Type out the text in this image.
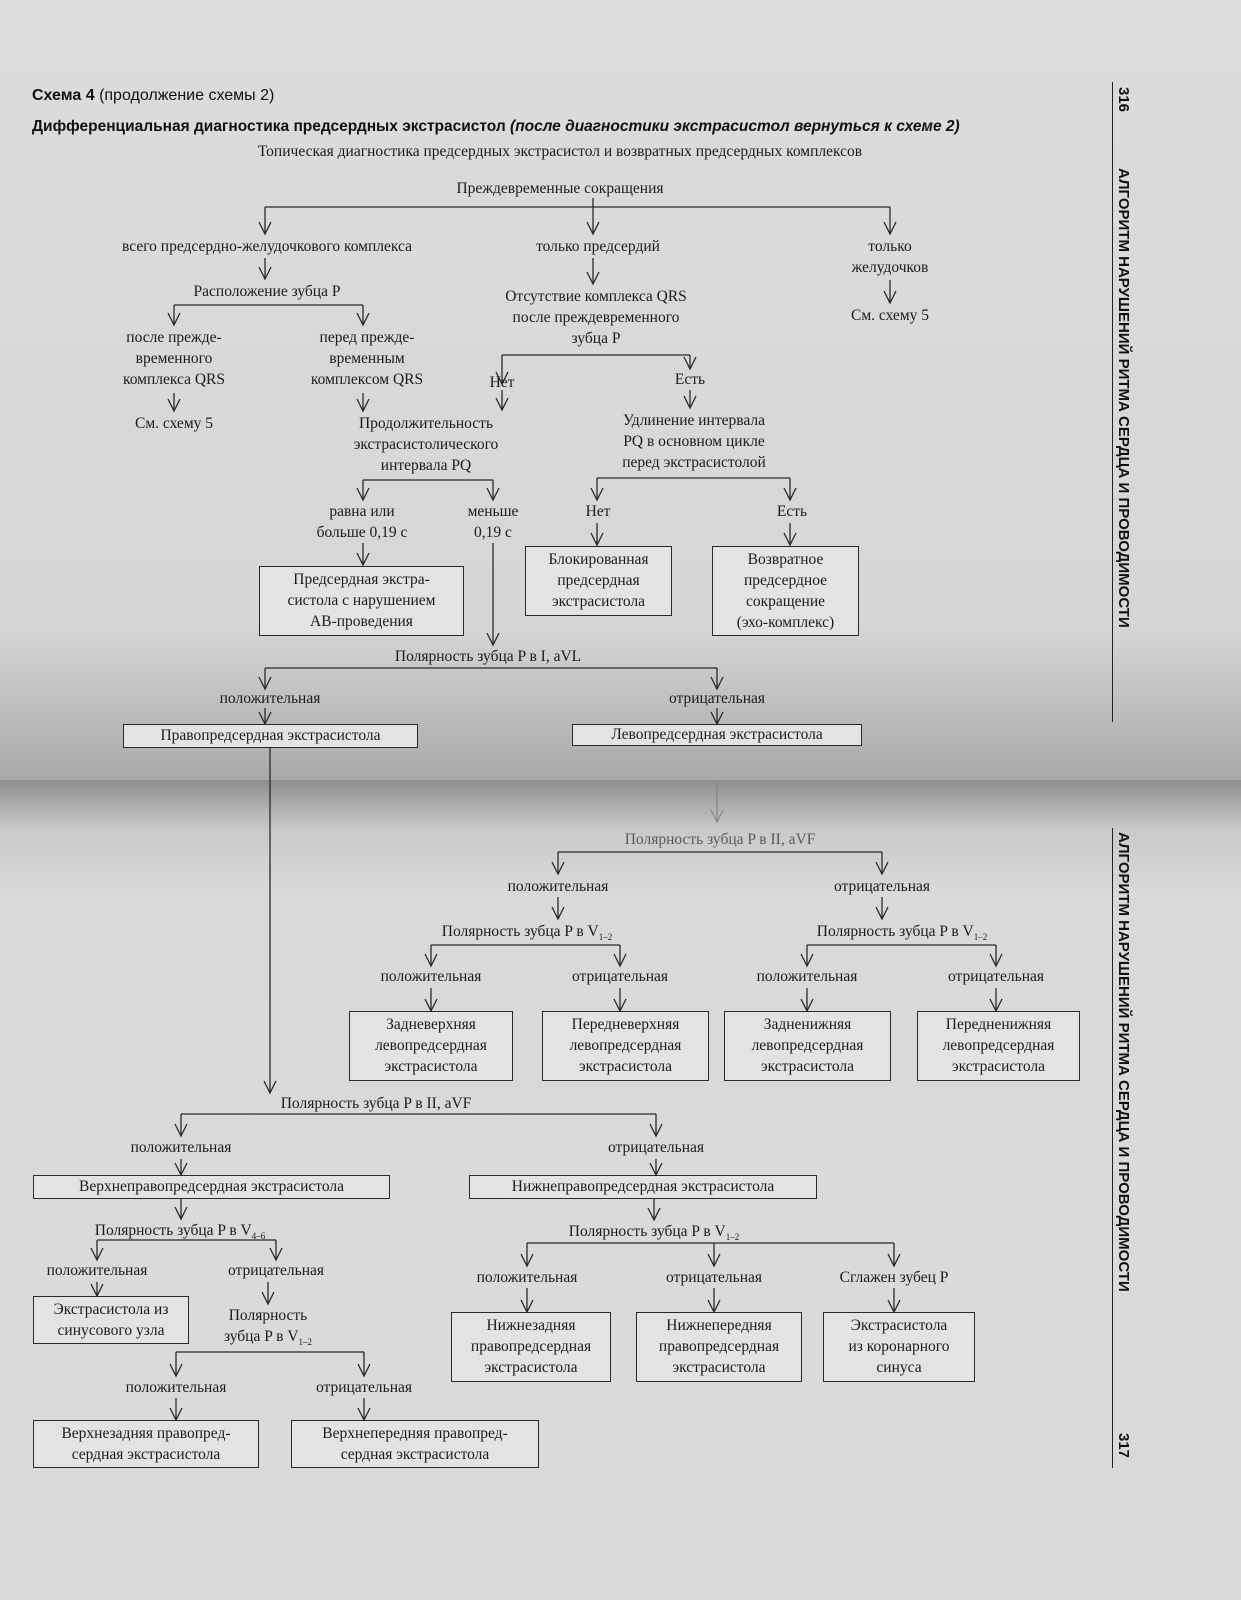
Схема 4 (продолжение схемы 2)
Дифференциальная диагностика предсердных экстрасистол (после диагностики экстрасистол вернуться к схеме 2)
Топическая диагностика предсердных экстрасистол и возвратных предсердных комплексов
316
АЛГОРИТМ НАРУШЕНИЙ РИТМА СЕРДЦА И ПРОВОДИМОСТИ
АЛГОРИТМ НАРУШЕНИЙ РИТМА СЕРДЦА И ПРОВОДИМОСТИ
317
Преждевременные сокращения
всего предсердно-желудочкового комплекса	только предсердий	только
желудочков
См. схему 5
Расположение зубца P
после прежде-
временного
комплекса QRS
перед прежде-
временным
комплексом QRS
См. схему 5
Отсутствие комплекса QRS
после преждевременного
зубца P
Нет	Есть
Продолжительность
экстрасистолического
интервала PQ
Удлинение интервала
PQ в основном цикле
перед экстрасистолой
равна или
больше 0,19 с
меньше
0,19 с
Нет	Есть
Предсердная экстра-
систола с нарушением
АВ-проведения
Блокированная
предсердная
экстрасистола
Возвратное
предсердное
сокращение
(эхо-комплекс)
Полярность зубца P в I, aVL
положительная	отрицательная
Правопредсердная экстрасистола	Левопредсердная экстрасистола
Полярность зубца P в II, aVF
положительная	отрицательная
Полярность зубца P в $V_{1-2}$	Полярность зубца P в $V_{1-2}$
положительная	отрицательная	положительная	отрицательная
Задневерхняя
левопредсердная
экстрасистола
Передневерхняя
левопредсердная
экстрасистола
Задненижняя
левопредсердная
экстрасистола
Передненижняя
левопредсердная
экстрасистола
Полярность зубца P в II, aVF
положительная	отрицательная
Верхнеправопредсердная экстрасистола	Нижнеправопредсердная экстрасистола
Полярность зубца P в $V_{4-6}$
положительная	отрицательная
Экстрасистола из
синусового узла
Полярность
зубца P в $V_{1-2}$
положительная	отрицательная
Верхнезадняя правопред-
сердная экстрасистола
Верхнепередняя правопред-
сердная экстрасистола
Полярность зубца P в $V_{1-2}$
положительная	отрицательная	Сглажен зубец P
Нижнезадняя
правопредсердная
экстрасистола
Нижнепередняя
правопредсердная
экстрасистола
Экстрасистола
из коронарного
синуса
